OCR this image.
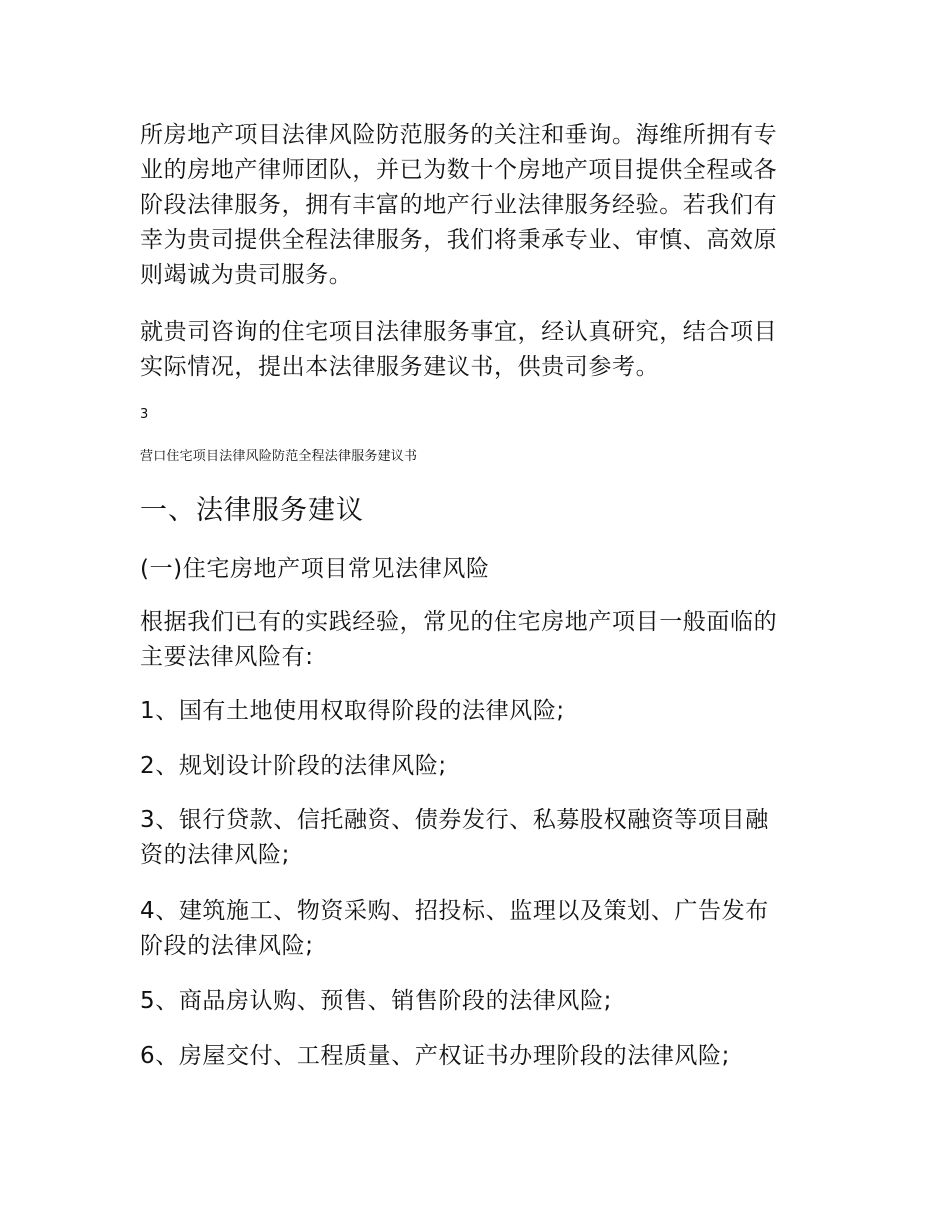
所房地产项目法律风险防范服务的关注和垂询。海维所拥有专
业的房地产律师团队，并已为数十个房地产项目提供全程或各
阶段法律服务，拥有丰富的地产行业法律服务经验。若我们有
幸为贵司提供全程法律服务，我们将秉承专业、审慎、高效原
则竭诚为贵司服务。
就贵司咨询的住宅项目法律服务事宜，经认真研究，结合项目
实际情况，提出本法律服务建议书，供贵司参考。
3
营口住宅项目法律风险防范全程法律服务建议书
一、法律服务建议
(一)住宅房地产项目常见法律风险
根据我们已有的实践经验，常见的住宅房地产项目一般面临的
主要法律风险有:
1、国有土地使用权取得阶段的法律风险;
2、规划设计阶段的法律风险;
3、银行贷款、信托融资、债券发行、私募股权融资等项目融
资的法律风险;
4、建筑施工、物资采购、招投标、监理以及策划、广告发布
阶段的法律风险;
5、商品房认购、预售、销售阶段的法律风险;
6、房屋交付、工程质量、产权证书办理阶段的法律风险;
